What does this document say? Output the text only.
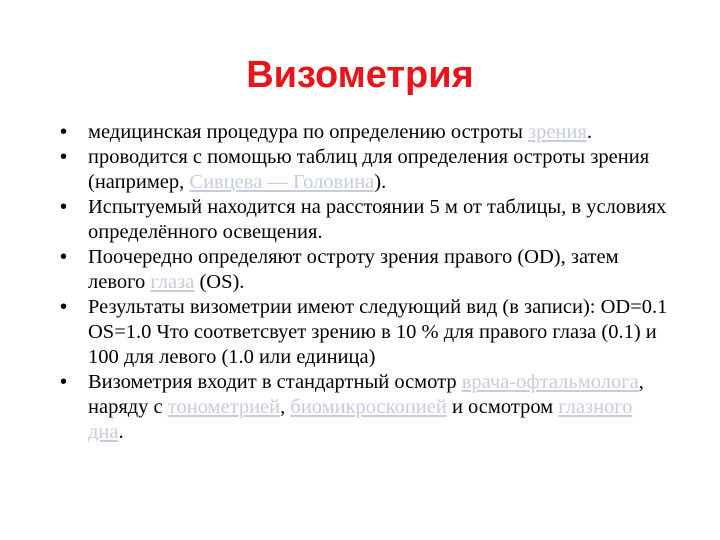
Визометрия
•	медицинская процедура по определению остроты зрения.
•	проводится с помощью таблиц для определения остроты зрения (например, Сивцева — Головина).
•	Испытуемый находится на расстоянии 5 м от таблицы, в условиях определённого освещения.
•	Поочередно определяют остроту зрения правого (OD), затем левого глаза (OS).
•	Результаты визометрии имеют следующий вид (в записи): OD=0.1 OS=1.0 Что соответсвует зрению в 10 % для правого глаза (0.1) и 100 для левого (1.0 или единица)
•	Визометрия входит в стандартный осмотр врача-офтальмолога, наряду с тонометрией, биомикроскопией и осмотром глазного дна.
